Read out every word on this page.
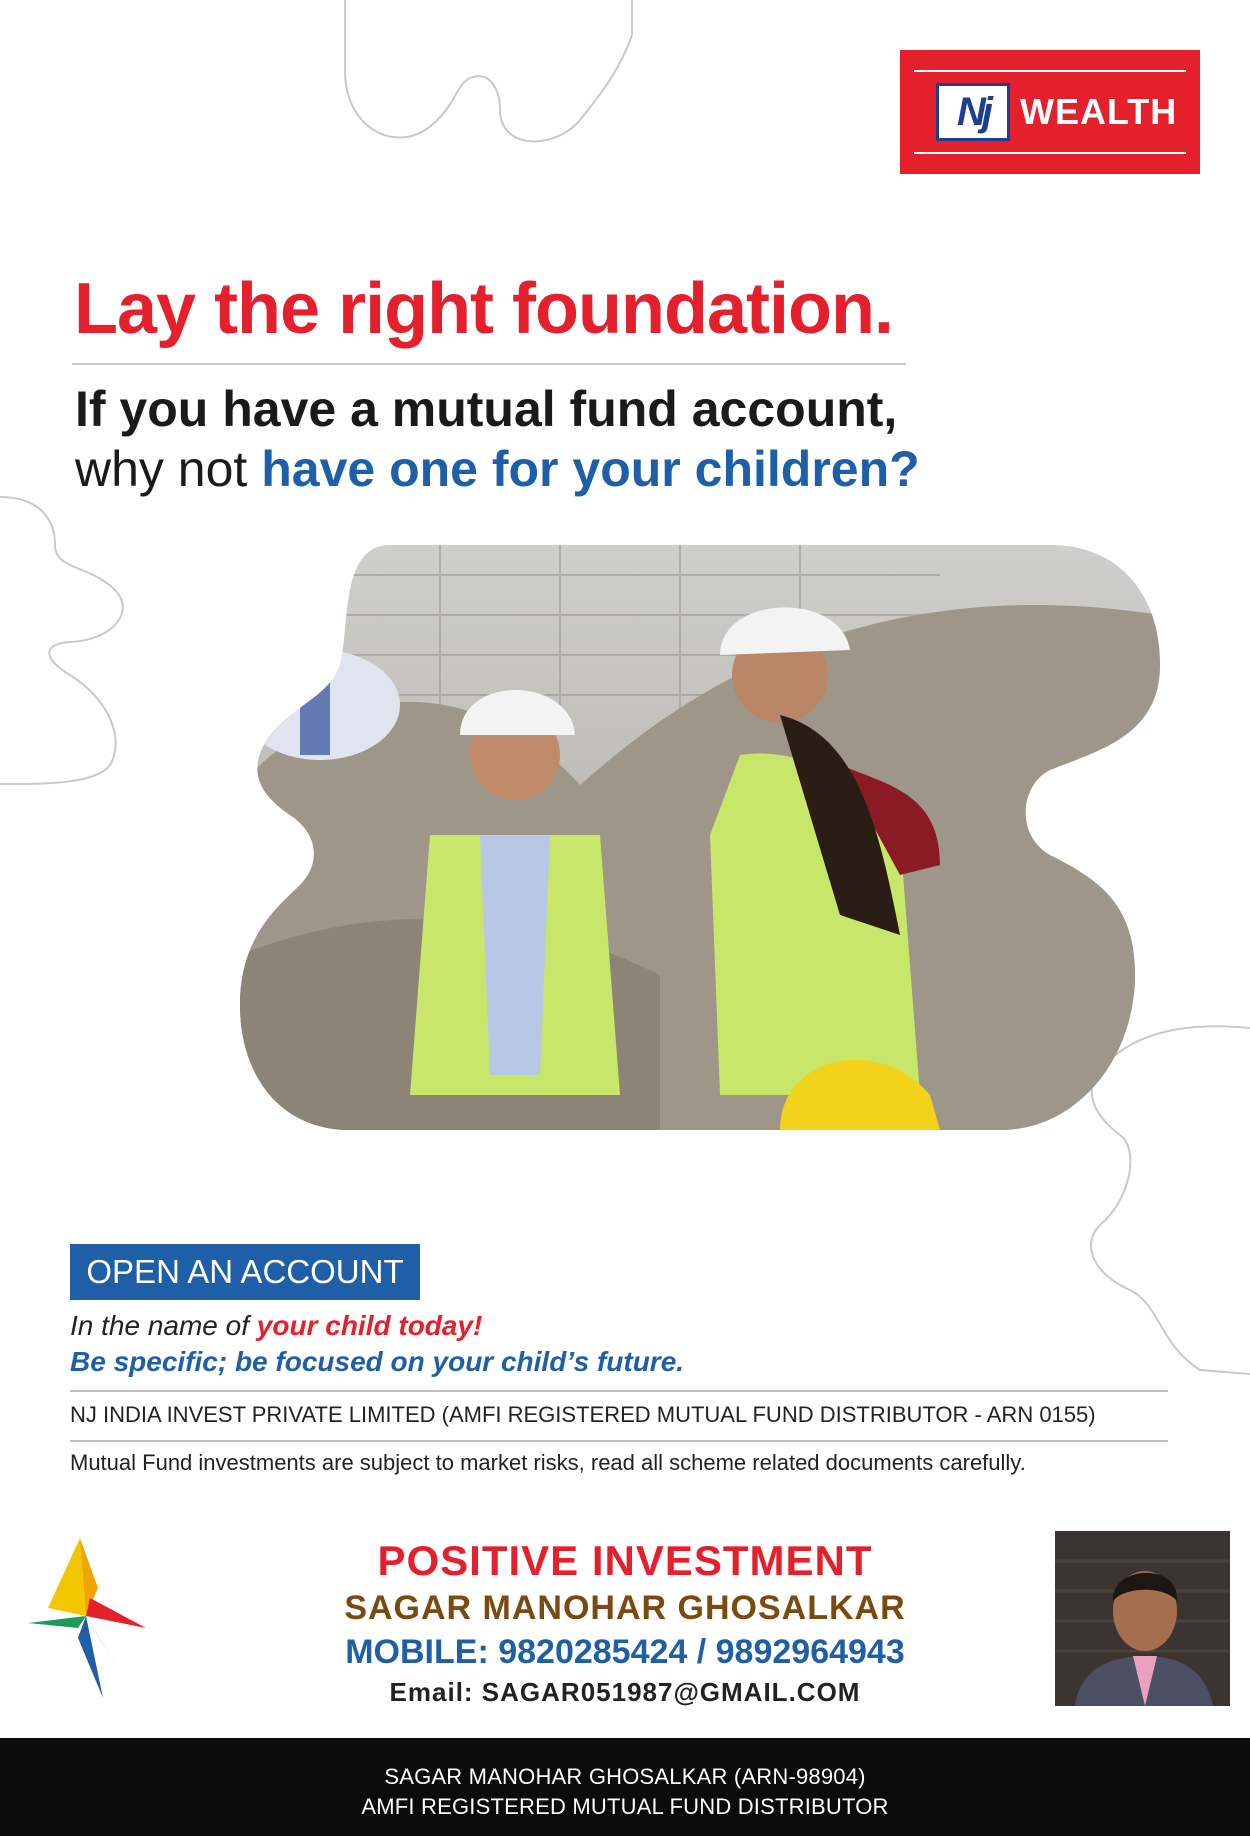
Nj WEALTH
Lay the right foundation.
If you have a mutual fund account,
why not have one for your children?
OPEN AN ACCOUNT
In the name of your child today!
Be specific; be focused on your child’s future.
NJ INDIA INVEST PRIVATE LIMITED (AMFI REGISTERED MUTUAL FUND DISTRIBUTOR - ARN 0155)
Mutual Fund investments are subject to market risks, read all scheme related documents carefully.
POSITIVE INVESTMENT
SAGAR MANOHAR GHOSALKAR
MOBILE: 9820285424 / 9892964943
Email: SAGAR051987@GMAIL.COM
SAGAR MANOHAR GHOSALKAR (ARN-98904)
AMFI REGISTERED MUTUAL FUND DISTRIBUTOR
